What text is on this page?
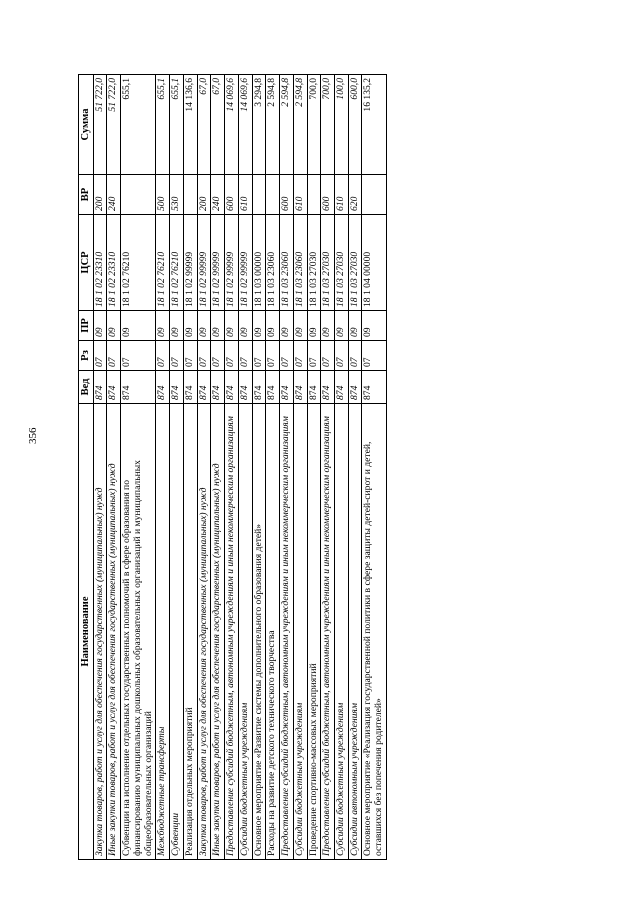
356
Наименование	Вед	Рз	ПР	ЦСР	ВР	Сумма
Закупка товаров, работ и услуг для обеспечения государственных (муниципальных) нужд	874	07	09	18 1 02 23310	200	51 722,0
Иные закупки товаров, работ и услуг для обеспечения государственных (муниципальных) нужд	874	07	09	18 1 02 23310	240	51 722,0
Субвенции на исполнение отдельных государственных полномочий в сфере образования по финансированию муниципальных дошкольных образовательных организаций и муниципальных общеобразовательных организаций	874	07	09	18 1 02 76210		655,1
Межбюджетные трансферты	874	07	09	18 1 02 76210	500	655,1
Субвенции	874	07	09	18 1 02 76210	530	655,1
Реализация отдельных мероприятий	874	07	09	18 1 02 99999		14 136,6
Закупка товаров, работ и услуг для обеспечения государственных (муниципальных) нужд	874	07	09	18 1 02 99999	200	67,0
Иные закупки товаров, работ и услуг для обеспечения государственных (муниципальных) нужд	874	07	09	18 1 02 99999	240	67,0
Предоставление субсидий бюджетным, автономным учреждениям и иным некоммерческим организациям	874	07	09	18 1 02 99999	600	14 069,6
Субсидии бюджетным учреждениям	874	07	09	18 1 02 99999	610	14 069,6
Основное мероприятие «Развитие системы дополнительного образования детей»	874	07	09	18 1 03 00000		3 294,8
Расходы на развитие детского технического творчества	874	07	09	18 1 03 23060		2 594,8
Предоставление субсидий бюджетным, автономным учреждениям и иным некоммерческим организациям	874	07	09	18 1 03 23060	600	2 594,8
Субсидии бюджетным учреждениям	874	07	09	18 1 03 23060	610	2 594,8
Проведение спортивно-массовых мероприятий	874	07	09	18 1 03 27030		700,0
Предоставление субсидий бюджетным, автономным учреждениям и иным некоммерческим организациям	874	07	09	18 1 03 27030	600	700,0
Субсидии бюджетным учреждениям	874	07	09	18 1 03 27030	610	100,0
Субсидии автономным учреждениям	874	07	09	18 1 03 27030	620	600,0
Основное мероприятие «Реализация государственной политики в сфере защиты детей-сирот и детей, оставшихся без попечения родителей»	874	07	09	18 1 04 00000		16 135,2
